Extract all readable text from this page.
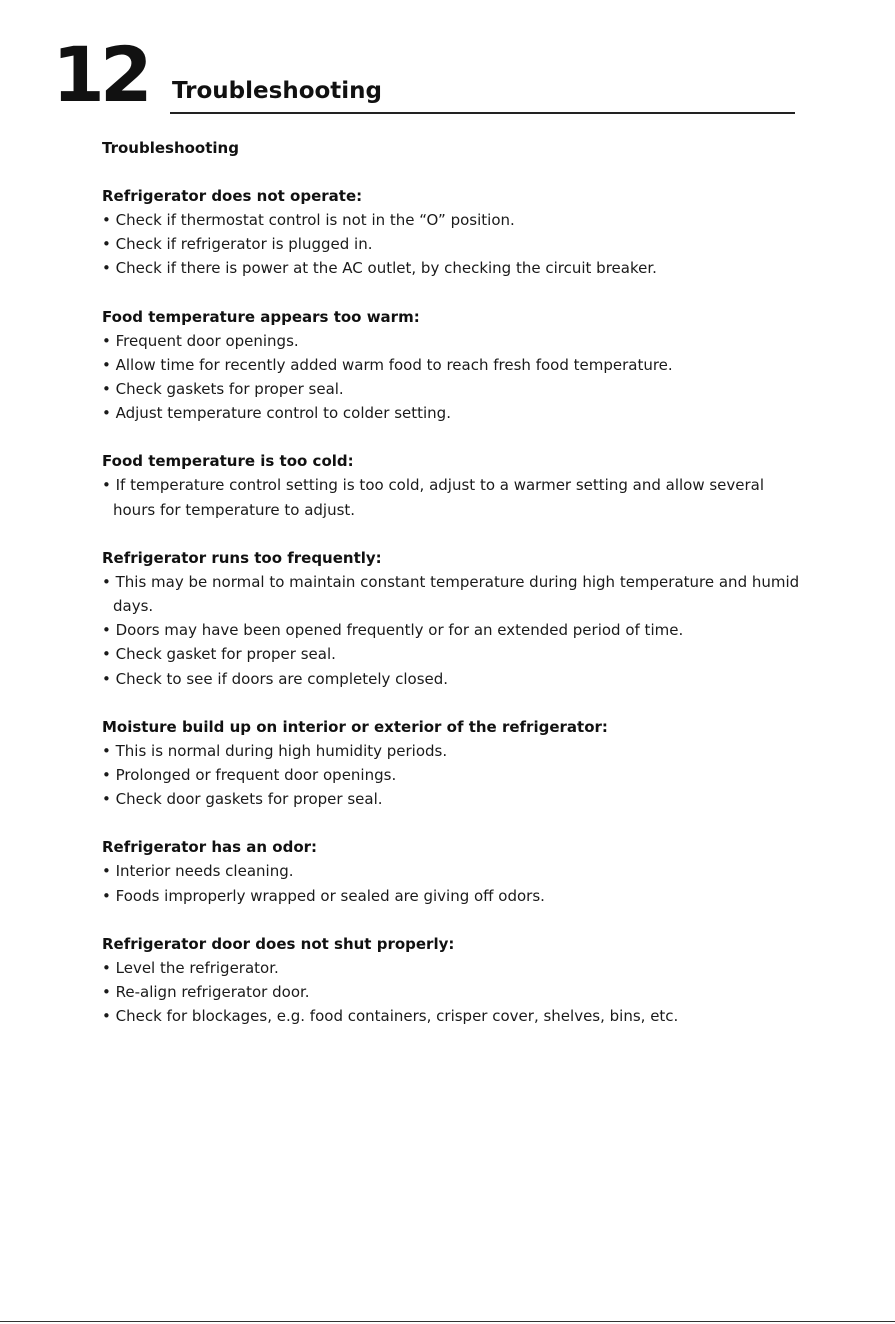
12 Troubleshooting
Troubleshooting
Refrigerator does not operate:
• Check if thermostat control is not in the “O” position.
• Check if refrigerator is plugged in.
• Check if there is power at the AC outlet, by checking the circuit breaker.
Food temperature appears too warm:
• Frequent door openings.
• Allow time for recently added warm food to reach fresh food temperature.
• Check gaskets for proper seal.
• Adjust temperature control to colder setting.
Food temperature is too cold:
• If temperature control setting is too cold, adjust to a warmer setting and allow several hours for temperature to adjust.
Refrigerator runs too frequently:
• This may be normal to maintain constant temperature during high temperature and humid days.
• Doors may have been opened frequently or for an extended period of time.
• Check gasket for proper seal.
• Check to see if doors are completely closed.
Moisture build up on interior or exterior of the refrigerator:
• This is normal during high humidity periods.
• Prolonged or frequent door openings.
• Check door gaskets for proper seal.
Refrigerator has an odor:
• Interior needs cleaning.
• Foods improperly wrapped or sealed are giving off odors.
Refrigerator door does not shut properly:
• Level the refrigerator.
• Re-align refrigerator door.
• Check for blockages, e.g. food containers, crisper cover, shelves, bins, etc.
